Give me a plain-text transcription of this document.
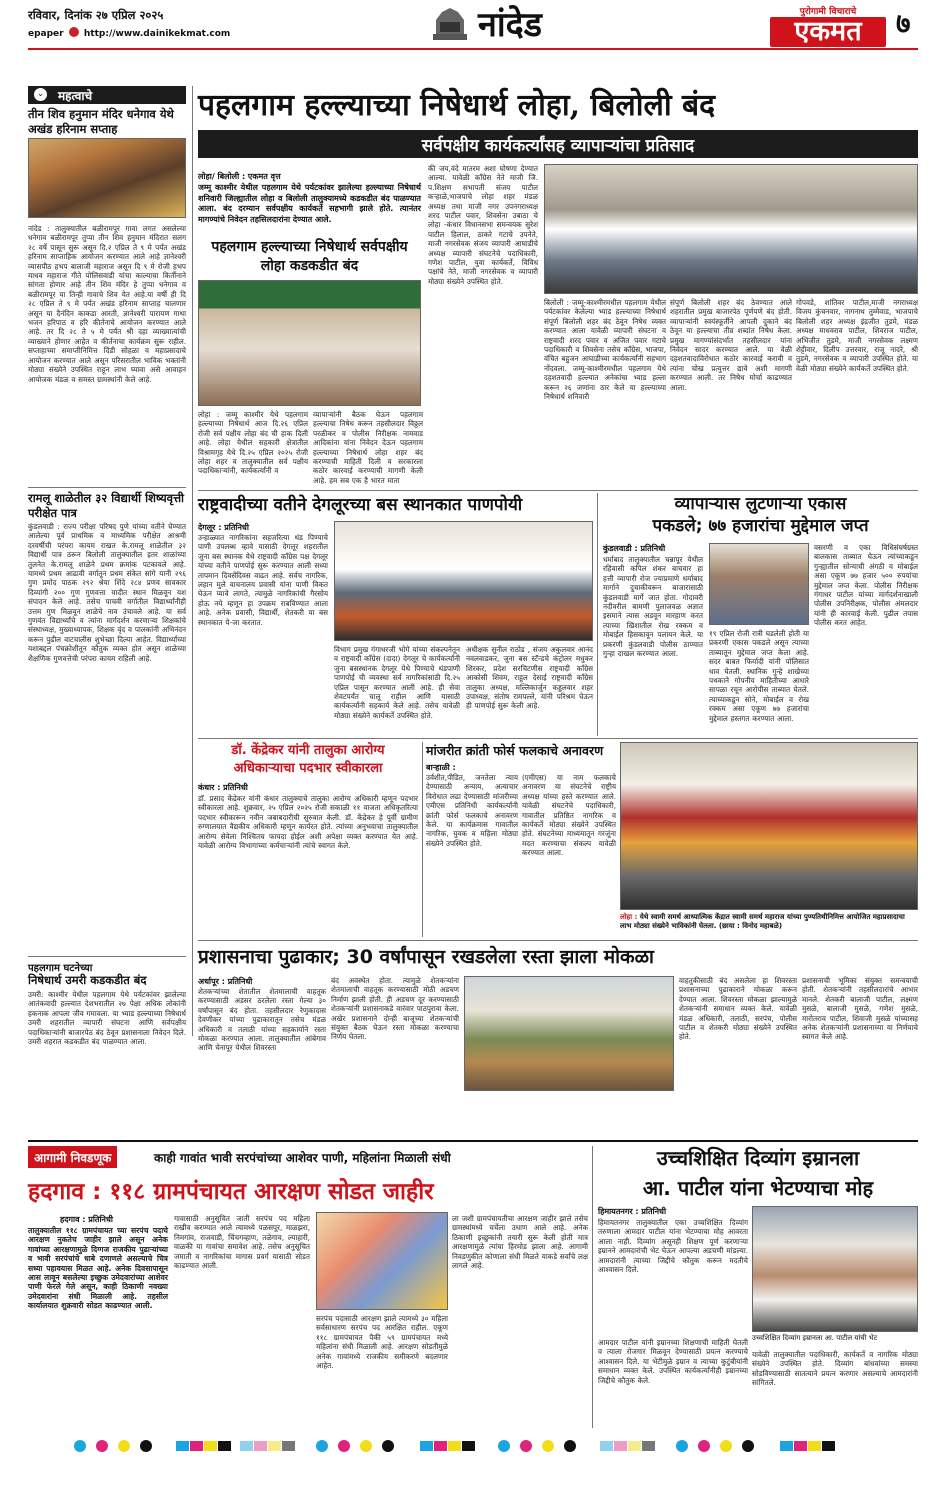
रविवार, दिनांक २७ एप्रिल २०२५
epaper http://www.dainikekmat.com	नांदेड	पुरोगामी विचाराचे
एकमत	७
⌄ महत्वाचे
तीन शिव हनुमान मंदिर धनेगाव येथे अखंड हरिनाम सप्ताह
नांदेड : तालुक्यातील बळीरामपूर गावा लगत असलेल्या धनेगाव बळीरामपूर तुप्पा तीन शिव हनुमान मंदिरात सलग २८ वर्षे पासून सुरू असून दि.२ एप्रिल ते ९ मे पर्यंत अखंड हरिनाम साप्ताहिक आयोजन करण्यात आले आहे ज्ञानेश्वरी व्यासपीठ हभप बालाजी महाराज असून दि ९ मे रोजी हभप माधव महाराज गीते पोलिसवाडी यांचा काल्याचा किर्तीनाने सांगता होणार आहे तीन शिव मंदिर हे तुप्पा धनेगाव व बळीरामपूर या तिन्ही गावाचे शिव येत आहे.या वर्षी ही दि २८ एप्रिल ते ९ मे पर्यंत अखंड हरिनाम साप्ताह चालणार असून या दैनंदिन काकडा आरती, ज्ञानेश्वरी पारायण गाथा भजन हरिपाठ व हरि कीर्तनाचे आयोजन करण्यात आले आहे. तर दि २८ ते ५ मे पर्यंत श्री दहा व्याख्यात्यांची व्याख्याने होणार आहेत व कीर्तनाचा कार्यक्रम सुरू राहील. सप्ताहाच्या समाप्तीनिमित्त दिंडी सोहळा व महाप्रसादाचे आयोजन करण्यात आले असून परिसरातील भाविक भक्तांनी मोठ्या संख्येने उपस्थित राहून लाभ घ्यावा असे आवाहन आयोजक मंडळ व समस्त ग्रामस्थांनी केले आहे.
रामलू शाळेतील ३२ विद्यार्थी शिष्यवृत्ती परीक्षेत पात्र
कुंडलवाडी : राज्य परीक्षा परिषद पुणे यांच्या वतीने घेण्यात आलेल्या पूर्व प्राथमिक व माध्यमिक परीक्षेत आश्रमी दरवर्षीची परंपरा कायम राखत के.रामलू शाळेतील ३२ विद्यार्थी पात्र ठरून बिलोली तालुक्यातील इतर शाळांच्या तुलनेत के.रामलू शाळेने प्रथम क्रमांक पटकावले आहे. यामध्ये प्रथम आढावी वर्गातून प्रथम संकेत सांगे यानी २९६ गुण प्रमोद पाठक २९२ श्रेया शिंदे २८४ प्रणव सावकार दिव्यांगी २०० गुण गुणवत्ता यादीत स्थान मिळवून यश संपादन केले आहे. तसेच पाचवी वर्गातील विद्यार्थ्यांनीही उत्तम गुण मिळवून शाळेचे नाव उंचावले आहे. या सर्व गुणवंत विद्यार्थ्यांचे व त्यांना मार्गदर्शन करणाऱ्या शिक्षकांचे संस्थाध्यक्ष, मुख्याध्यापक, शिक्षक वृंद व पालकांनी अभिनंदन करून पुढील वाटचालीस शुभेच्छा दिल्या आहेत. विद्यार्थ्यांच्या यशाबद्दल पंचक्रोशीतून कौतुक व्यक्त होत असून शाळेच्या शैक्षणिक गुणवत्तेची परंपरा कायम राहिली आहे.
पहलगाम घटनेच्या
निषेधार्थ उमरी कडकडीत बंद
उमरी: काश्मीर येथील पहलगाम येथे पर्यटकांवर झालेल्या आतंकवादी हल्ल्यात देशभरातील २७ पेक्षा अधिक लोकांनी हकनाक आपला जीव गमावला. या भ्याड हल्ल्याच्या निषेधार्थ उमरी शहरातील व्यापारी संघटना आणि सर्वपक्षीय पदाधिकाऱ्यांनी बाजारपेठ बंद ठेवून प्रशासनाला निवेदन दिले. उमरी शहरात कडकडीत बंद पाळण्यात आला.
पहलगाम हल्ल्याच्या निषेधार्थ लोहा, बिलोली बंद
सर्वपक्षीय कार्यकर्त्यांसह व्यापाऱ्यांचा प्रतिसाद
लोहा/ बिलोली : एकमत वृत्त
जम्मू काश्मीर येथील पहलगाम येथे पर्यटकांवर झालेल्या हल्ल्याच्या निषेधार्थ शनिवारी जिल्ह्यातील लोहा व बिलोली तालुक्यामध्ये कडकडीत बंद पाळण्यात आला. बंद दरम्यान सर्वपक्षीय कार्यकर्ते सहभागी झाले होते. त्यानंतर मागण्यांचे निवेदन तहसिलदारांना देण्यात आले.
पहलगाम हल्ल्याच्या निषेधार्थ सर्वपक्षीय लोहा कडकडीत बंद
लोहा : जम्मू काश्मीर येथे पहलगाम हल्ल्याच्या निषेधार्थ आज दि.२६ एप्रिल रोजी सर्व पक्षीय लोहा बंद ची हाक दिली आहे. लोहा येथील सहकारी क्षेत्रातील विश्रामगृह येथे दि.२५ एप्रिल २०२५ रोजी लोहा शहर व तालुक्यातील सर्व पक्षीय पदाधिकाऱ्यांनी, कार्यकर्त्यांनी व
व्यापाऱ्यांनी बैठक घेऊन पहलगाम हल्ल्याचा निषेध करून तहसीलदार विठ्ठल परळीकर व पोलीस निरीक्षक नामवाड आदिकांना यांना निवेदन देऊन पहलगाम हल्ल्याच्या निषेधार्थ लोहा शहर बंद करण्याची माहिती दिली व सरकारला कठोर कारवाई करण्याची मागणी केली आहे. हम सब एक है भारत माता
की जय,वंदे मातरम अशा घोषणा देण्यात आल्या. यावेळी कॉंग्रेस नेते माजी जि. प.शिक्षण सभापती संजय पाटील कऱ्हाळे,भाजपाचे लोहा शहर मंडळ अध्यक्ष तथा माजी नगर उपनगराध्यक्ष शरद पाटील पवार, शिवसेना उबाठा चे लोहा -कंधार विधानसभा समन्वयक सुरेश पाटील हिलाल, ठाकरे गटाचे उपनेते, माजी नगरसेवक संजय व्यापारी आघाडीचे अध्यक्ष व्यापारी संघटनेचे पदाधिकारी, गणेश पाटील, युवा कार्यकर्ते, विविध पक्षांचे नेते, माजी नगरसेवक व व्यापारी मोठ्या संख्येने उपस्थित होते.
बिलोली : जम्मू-काश्मीरमधील पहलगाम येथील पर्यटकांवर केलेल्या भ्याड हल्ल्याच्या निषेधार्थ संपूर्ण बिलोली शहर बंद ठेवून निषेध व्यक्त करण्यात आला यावेळी व्यापारी संघटना व राष्ट्रवादी शरद पवार व अजित पवार गटाचे पदाधिकारी व शिवसेना तसेच काँग्रेस, भाजपा, वंचित बहुजन आघाडीच्या कार्यकर्त्यांनी सहभाग नोंदवला. जम्मू-काश्मीरमधील पहलगाम येथे दहशतवादी हल्ल्यात अनेकांचा भ्याड हल्ला करून २६ जणांना ठार केले या हल्ल्याच्या निषेधार्थ शनिवारी
संपूर्ण बिलोली शहर बंद ठेवण्यात आले शहरातील प्रमुख बाजारपेठ पूर्णपणे बंद होती. व्यापाऱ्यांनी स्वयंस्फूर्तीने आपली दुकाने बंद ठेवून या हल्ल्याचा तीव्र शब्दांत निषेध केला. प्रमुख मागण्यांसंदर्भात तहसीलदार यांना निवेदन सादर करण्यात आले. या वेळी दहशतवादाविरोधात कठोर कारवाई करावी व त्यांना चोख प्रत्युत्तर द्यावे अशी मागणी करण्यात आली. तर निषेध मोर्चा काढण्यात आला.
गोपवडे, शांतिवर पाटील,माजी नगराध्यक्ष विजय कुंचनवार, नागनाथ तुम्मेवाड, भाजपाचे बिलोली शहर अध्यक्ष इंद्रजीत तुडमे, मंडळ अध्यक्ष माधवराव पाटील, शिवराज पाटील, अभिजीत तुडमे, माजी नगरसेवक लक्ष्मण शेट्टीवार, दिलीप उत्तरवार, राजू नादरे, श्री तुडमे, नगरसेवक व व्यापारी उपस्थित होते. या वेळी मोठ्या संख्येने कार्यकर्ते उपस्थित होते.
राष्ट्रवादीच्या वतीने देगलूरच्या बस स्थानकात पाणपोयी
देगलूर : प्रतिनिधी
उन्हाळ्यात नागरिकांना सहजरित्या थंड पिण्याचे पाणी उपलब्ध व्हावे यासाठी देगलूर शहरातील जुना बस स्थानक येथे राष्ट्रवादी कॉंग्रेस पक्ष देगलूर यांच्या वतीने पाणपोई सुरू करण्यात आली सध्या तापमान दिवसेंदिवस वाढत आहे. सर्वच नागरिक, लहान मुले वाचनालय प्रवासी यांना पाणी विकत घेऊन प्यावे लागते, त्यामुळे नागरिकांची गैरसोय होऊ नये म्हणून हा उपक्रम राबविण्यात आला आहे. अनेक प्रवासी, विद्यार्थी, शेतकरी या बस स्थानकात ये-जा करतात.
विभाग प्रमुख गंगाधरजी भोगे यांच्या संकल्पनेतून व राष्ट्रवादी कॉंग्रेस (दादा) देगलूर चे कार्यकर्त्यांनी जुना बसस्थानक देगलूर येथे पिण्याचे थंडपाणी पाणपोई ची व्यवस्था सर्व नागरिकांसाठी दि.२५ एप्रिल पासून करण्यात आली आहे. ही सेवा शेवटपर्यंत चालू राहील आणि यासाठी कार्यकर्त्यांनी सहकार्य केले आहे. तसेच यावेळी मोठ्या संख्येने कार्यकर्ते उपस्थित होते.
अधीक्षक सुनील राठोड , संजय अकुलवार आनंद नवलवाडकर, जुना बस स्टॅन्डचे कंट्रोलर मधुकर शिरकर, प्रदेश सरचिटणीस राष्ट्रवादी कॉंग्रेस आकोसी शिवम, राहुल देसाई राष्ट्रवादी कॉंग्रेस तालुका अध्यक्ष, मल्लिकार्जुन कड्डलवार शहर उपाध्यक्ष, संतोष रामपल्ले, यांनी परिश्रम घेऊन ही पाणपोई सुरू केली आहे.
व्यापाऱ्यास लुटणाऱ्या एकास
पकडले; ७७ हजारांचा मुद्देमाल जप्त
कुंडलवाडी : प्रतिनिधी
धर्माबाद तालुक्यातील चन्नापूर येथील रहिवासी कपिल शंकर बाचवार हा हत्ती व्यापारी रोज ज्याप्रमाणे धर्माबाद मार्गाने दुचाकीवरून बाजारासाठी कुंडलवाडी मार्गे जात होता. गोदावरी नदीवरील बामणी पुलाजवळ अज्ञात इसमाने त्यास अडवून मारहाण करत त्याच्या खिशातील रोख रक्कम व मोबाईल हिसकावून पलायन केले. या प्रकरणी कुंडलवाडी पोलीस ठाण्यात गुन्हा दाखल करण्यात आला.
१९ एप्रिल रोजी रात्री घडलेली होती या प्रकरणी एकास पकडले असून त्याच्या ताब्यातून मुद्देमाल जप्त केला आहे. सदर बाबत फिर्यादी यांनी पोलिसात धाव घेतली. स्थानिक गुन्हे शाखेच्या पथकाने गोपनीय माहितीच्या आधारे सापळा रचून आरोपीस ताब्यात घेतले. त्याच्याकडून सोने, मोबाईल व रोख रक्कम असा एकूण ७७ हजारांचा मुद्देमाल हस्तगत करण्यात आला.
वसरणी व एका विधिसंघर्षग्रस्त बालकास ताब्यात घेऊन त्यांच्याकडून गुन्ह्यातील सोन्याची अंगठी व मोबाईल असा एकूण ७७ हजार ५०० रुपयांचा मुद्देमाल जप्त केला. पोलीस निरीक्षक गंगाधर पाटील यांच्या मार्गदर्शनाखाली पोलीस उपनिरीक्षक, पोलीस अंमलदार यांनी ही कारवाई केली. पुढील तपास पोलीस करत आहेत.
डॉ. केंद्रेकर यांनी तालुका आरोग्य
अधिकाऱ्याचा पदभार स्वीकारला
कंधार : प्रतिनिधी
डॉ. प्रसाद केंद्रेकर यांनी कंधार तालुक्याचे तालुका आरोग्य अधिकारी म्हणून पदभार स्वीकारला आहे. शुक्रवार, २५ एप्रिल २०२५ रोजी सकाळी ११ वाजता अधिकृतरित्या पदभार स्वीकारून नवीन जबाबदारीची सुरुवात केली. डॉ. केंद्रेकर हे पूर्वी ग्रामीण रुग्णालयात वैद्यकीय अधिकारी म्हणून कार्यरत होते. त्यांच्या अनुभवाचा तालुक्यातील आरोग्य सेवेला निश्चितच फायदा होईल अशी अपेक्षा व्यक्त करण्यात येत आहे. यावेळी आरोग्य विभागाच्या कर्मचाऱ्यांनी त्यांचे स्वागत केले.
मांजरीत क्रांती फोर्स फलकाचे अनावरण
बाऱ्हाळी :
उर्वशीत,पीडित, जनतेला न्याय देण्यासाठी अन्याय, अत्याचार विरोधात लढा देण्यासाठी मांजरीच्या एमीएस प्रतिनिधी कार्यकर्त्यांनी क्रांती फोर्स फलकाचे अनावरण केले. या कार्यक्रमास गावातील नागरिक, युवक व महिला मोठ्या संख्येने उपस्थित होते.
(एमीएस) या नाम फलकाचे अनावरण या संघटनेचे राष्ट्रीय अध्यक्ष यांच्या हस्ते करण्यात आले. यावेळी संघटनेचे पदाधिकारी, गावातील प्रतिष्ठित नागरिक व कार्यकर्ते मोठ्या संख्येने उपस्थित होते. संघटनेच्या माध्यमातून गरजूंना मदत करण्याचा संकल्प यावेळी करण्यात आला.
लोहा : येथे स्वामी समर्थ आध्यात्मिक केंद्रात स्वामी समर्थ महाराज यांच्या पुण्यतिथीनिमित्त आयोजित महाप्रसादाचा लाभ मोठ्या संख्येने भाविकांनी घेतला. (छाया : विनोद महाबळे)
प्रशासनाचा पुढाकार; 30 वर्षांपासून रखडलेला रस्ता झाला मोकळा
अर्धापूर : प्रतिनिधी
शेतकऱ्यांच्या शेतातील शेतमालाची वाहतूक करण्यासाठी अडसर ठरलेला रस्ता गेल्या ३० वर्षांपासून बंद होता. तहसीलदार रेणुकादास देवणीकर यांच्या पुढाकारातून तसेच मंडळ अधिकारी व तलाठी यांच्या सहकार्याने रस्ता मोकळा करण्यात आला. तालुक्यातील आंबेगाव आणि चेनापूर येथील शिवरस्ता
बंद अवस्थेत होता. त्यामुळे शेतकऱ्यांना शेतमालाची वाहतूक करण्यासाठी मोठी अडचण निर्माण झाली होती. ही अडचण दूर करण्यासाठी शेतकऱ्यांनी प्रशासनाकडे वारंवार पाठपुरावा केला. अखेर प्रशासनाने दोन्ही बाजूच्या शेतकऱ्यांची संयुक्त बैठक घेऊन रस्ता मोकळा करण्याचा निर्णय घेतला.
वाहतुकीसाठी बंद असलेला हा शिवरस्ता प्रशासनाच्या पुढाकाराने मोकळा करून देण्यात आला. शिवरस्ता मोकळा झाल्यामुळे शेतकऱ्यांनी समाधान व्यक्त केले. यावेळी मंडळ अधिकारी, तलाठी, सरपंच, पोलीस पाटील व शेतकरी मोठ्या संख्येने उपस्थित होते.
प्रशासनाची भूमिका संयुक्त समन्वयाची होती. शेतकऱ्यांनी तहसीलदारांचे आभार मानले. शेतकरी बालाजी पाटील, लक्ष्मण मुसळे, बालाजी मुसळे, गणेश मुसळे, मारोतराव पाटील, शिवाजी मुसळे यांच्यासह अनेक शेतकऱ्यांनी प्रशासनाच्या या निर्णयाचे स्वागत केले आहे.
आगामी निवडणूक	काही गावांत भावी सरपंचांच्या आशेवर पाणी, महिलांना मिळाली संधी
हदगाव : ११८ ग्रामपंचायत आरक्षण सोडत जाहीर
हदगाव : प्रतिनिधी
तालुक्यातील ११८ ग्रामपंचायत च्या सरपंच पदाचे आरक्षण नुकतेच जाहीर झाले असून अनेक गावांच्या आरक्षणामुळे दिग्गज राजकीय पुढाऱ्यांच्या व भावी सरपंचांचे धाबे दणाणले असल्याचे चित्र सध्या पहावयास मिळत आहे. अनेक दिवसापासून आस लावून बसलेल्या इच्छुक उमेदवारांच्या आशेवर पाणी फेरले गेले असून, काही ठिकाणी नवख्या उमेदवारांना संधी मिळाली आहे. तहसील कार्यालयात शुक्रवारी सोडत काढण्यात आली.
गावासाठी अनुसूचित जाती सरपंच पद महिला राखीव करण्यात आले त्यामध्ये पळसपूर, माळझरा, निमगांव, राजवाडी, चिंचगव्हाण, तळेगाव, ल्याहारी, वाळकी या गावांचा समावेश आहे. तसेच अनुसूचित जमाती व नागरिकांचा मागास प्रवर्ग यासाठी सोडत काढण्यात आली.
सरपंच पदासाठी आरक्षण झाले त्यामध्ये ३० महिला सर्वसाधारण सरपंच पद आरक्षित राहील. एकूण ११८ ग्रामपंचायत पैकी ५९ ग्रामपंचायत मध्ये महिलांना संधी मिळाली आहे. आरक्षण सोडतीमुळे अनेक गावांमध्ये राजकीय समीकरणे बदलणार आहेत.
ला जशी ग्रामपंचायतीचा आरक्षण जाहीर झाले तसेच ग्रामस्थांमध्ये चर्चेला उधाण आले आहे. अनेक ठिकाणी इच्छुकांनी तयारी सुरू केली होती मात्र आरक्षणामुळे त्यांचा हिरमोड झाला आहे. आगामी निवडणुकीत कोणाला संधी मिळते याकडे सर्वांचे लक्ष लागले आहे.
उच्चशिक्षित दिव्यांग इम्रानला
आ. पाटील यांना भेटण्याचा मोह
हिमायतनगर : प्रतिनिधी
हिमायतनगर तालुक्यातील एका उच्चशिक्षित दिव्यांग तरुणाला आमदार पाटील यांना भेटण्याचा मोह आवरता आला नाही. दिव्यांग असूनही शिक्षण पूर्ण करणाऱ्या इम्रानने आमदारांची भेट घेऊन आपल्या अडचणी मांडल्या. आमदारांनी त्याच्या जिद्दीचे कौतुक करून मदतीचे आश्वासन दिले.
उच्चशिक्षित दिव्यांग इम्रानला आ. पाटील यांची भेट
आमदार पाटील यांनी इम्रानच्या शिक्षणाची माहिती घेतली व त्याला रोजगार मिळवून देण्यासाठी प्रयत्न करण्याचे आश्वासन दिले. या भेटीमुळे इम्रान व त्याच्या कुटुंबीयांनी समाधान व्यक्त केले. उपस्थित कार्यकर्त्यांनीही इम्रानच्या जिद्दीचे कौतुक केले.
यावेळी तालुक्यातील पदाधिकारी, कार्यकर्ते व नागरिक मोठ्या संख्येने उपस्थित होते. दिव्यांग बांधवांच्या समस्या सोडविण्यासाठी सातत्याने प्रयत्न करणार असल्याचे आमदारांनी सांगितले.
